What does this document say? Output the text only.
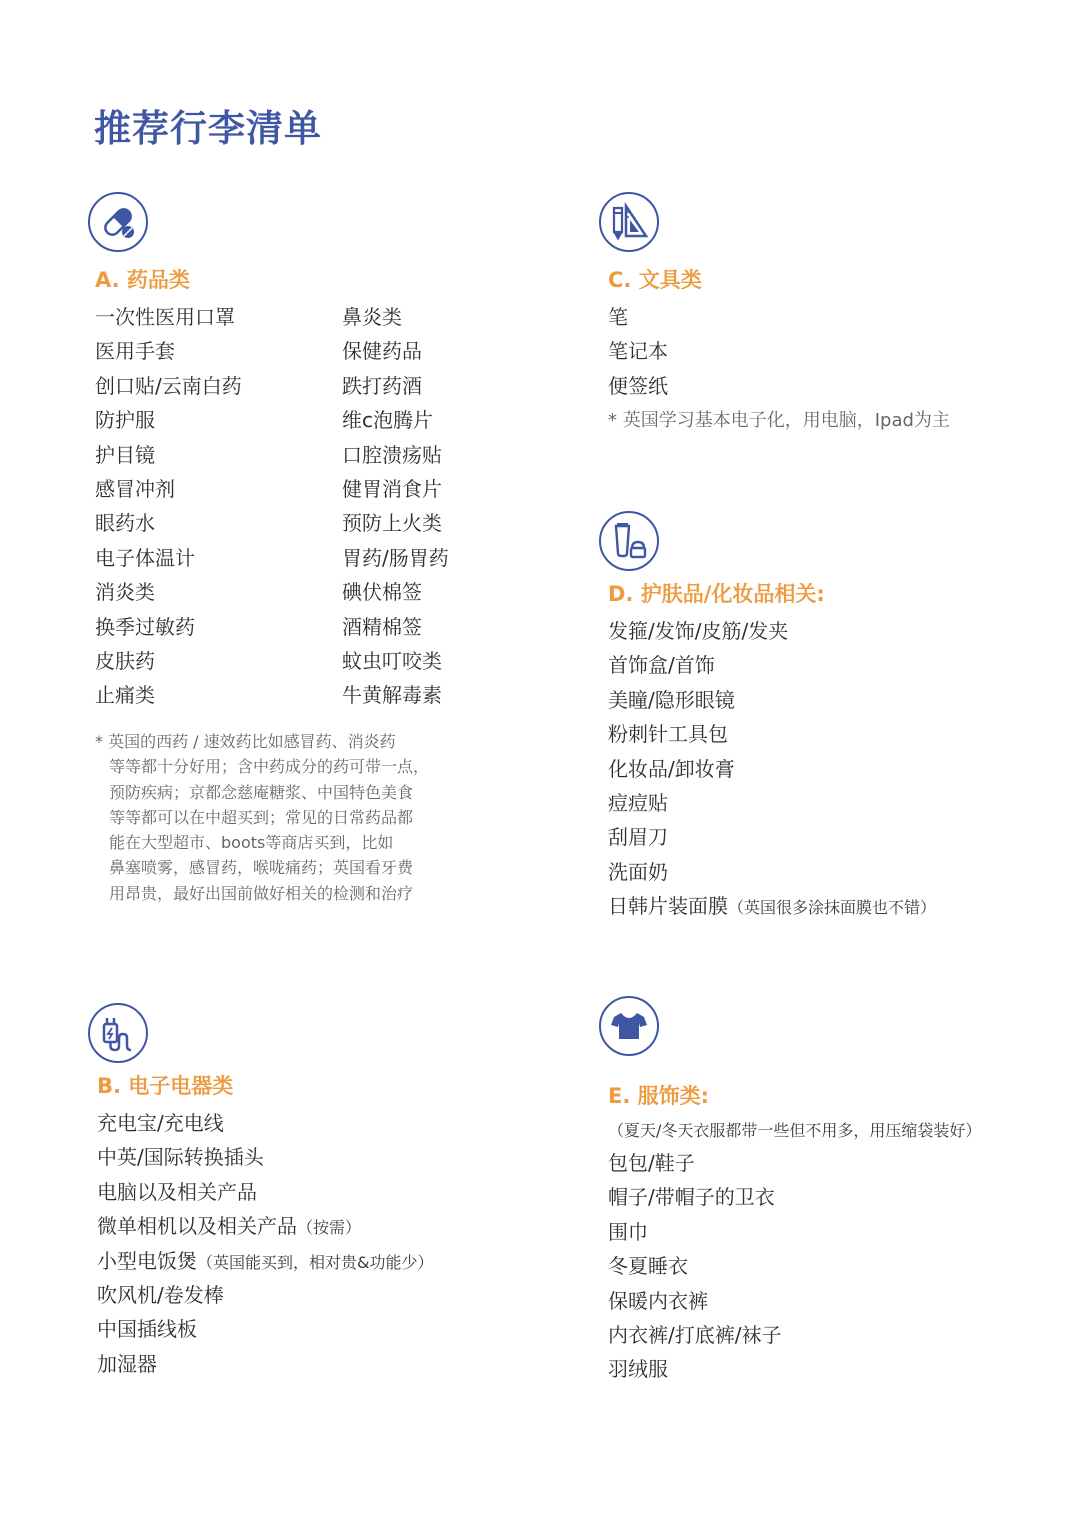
推荐行李清单
A. 药品类
一次性医用口罩
医用手套
创口贴/云南白药
防护服
护目镜
感冒冲剂
眼药水
电子体温计
消炎类
换季过敏药
皮肤药
止痛类
鼻炎类
保健药品
跌打药酒
维c泡腾片
口腔溃疡贴
健胃消食片
预防上火类
胃药/肠胃药
碘伏棉签
酒精棉签
蚊虫叮咬类
牛黄解毒素
* 英国的西药 / 速效药比如感冒药、消炎药
等等都十分好用；含中药成分的药可带一点，
预防疾病；京都念慈庵糖浆、中国特色美食
等等都可以在中超买到；常见的日常药品都
能在大型超市、boots等商店买到，比如
鼻塞喷雾，感冒药，喉咙痛药；英国看牙费
用昂贵，最好出国前做好相关的检测和治疗
B. 电子电器类
充电宝/充电线
中英/国际转换插头
电脑以及相关产品
微单相机以及相关产品（按需）
小型电饭煲（英国能买到，相对贵&功能少）
吹风机/卷发棒
中国插线板
加湿器
C. 文具类
笔
笔记本
便签纸
* 英国学习基本电子化，用电脑，Ipad为主
D. 护肤品/化妆品相关:
发箍/发饰/皮筋/发夹
首饰盒/首饰
美瞳/隐形眼镜
粉刺针工具包
化妆品/卸妆膏
痘痘贴
刮眉刀
洗面奶
日韩片装面膜（英国很多涂抹面膜也不错）
E. 服饰类:
（夏天/冬天衣服都带一些但不用多，用压缩袋装好）
包包/鞋子
帽子/带帽子的卫衣
围巾
冬夏睡衣
保暖内衣裤
内衣裤/打底裤/袜子
羽绒服
